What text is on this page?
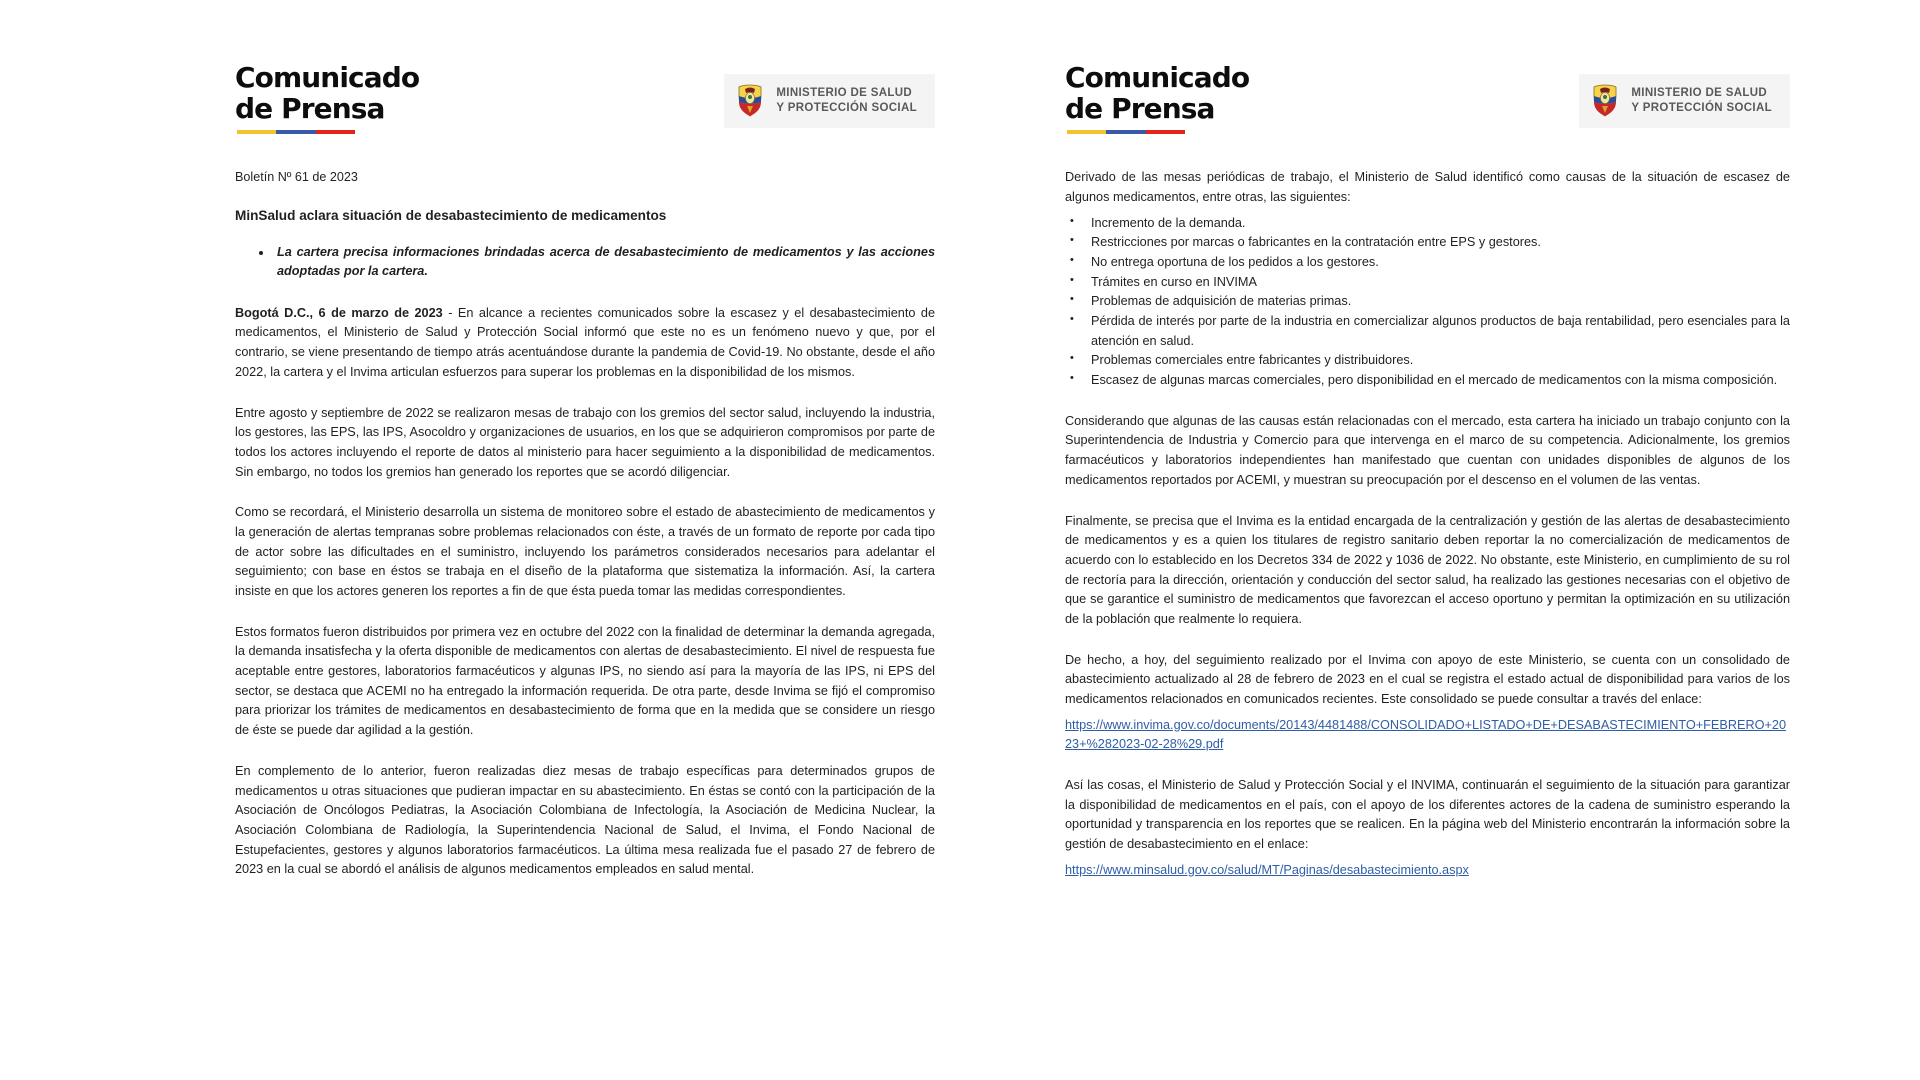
Comunicado
de Prensa	MINISTERIO DE SALUD
Y PROTECCIÓN SOCIAL
Boletín Nº 61 de 2023
MinSalud aclara situación de desabastecimiento de medicamentos
• La cartera precisa informaciones brindadas acerca de desabastecimiento de medicamentos y las acciones adoptadas por la cartera.

Bogotá D.C., 6 de marzo de 2023 - En alcance a recientes comunicados sobre la escasez y el desabastecimiento de medicamentos, el Ministerio de Salud y Protección Social informó que este no es un fenómeno nuevo y que, por el contrario, se viene presentando de tiempo atrás acentuándose durante la pandemia de Covid-19. No obstante, desde el año 2022, la cartera y el Invima articulan esfuerzos para superar los problemas en la disponibilidad de los mismos.

Entre agosto y septiembre de 2022 se realizaron mesas de trabajo con los gremios del sector salud, incluyendo la industria, los gestores, las EPS, las IPS, Asocoldro y organizaciones de usuarios, en los que se adquirieron compromisos por parte de todos los actores incluyendo el reporte de datos al ministerio para hacer seguimiento a la disponibilidad de medicamentos. Sin embargo, no todos los gremios han generado los reportes que se acordó diligenciar.

Como se recordará, el Ministerio desarrolla un sistema de monitoreo sobre el estado de abastecimiento de medicamentos y la generación de alertas tempranas sobre problemas relacionados con éste, a través de un formato de reporte por cada tipo de actor sobre las dificultades en el suministro, incluyendo los parámetros considerados necesarios para adelantar el seguimiento; con base en éstos se trabaja en el diseño de la plataforma que sistematiza la información. Así, la cartera insiste en que los actores generen los reportes a fin de que ésta pueda tomar las medidas correspondientes.

Estos formatos fueron distribuidos por primera vez en octubre del 2022 con la finalidad de determinar la demanda agregada, la demanda insatisfecha y la oferta disponible de medicamentos con alertas de desabastecimiento. El nivel de respuesta fue aceptable entre gestores, laboratorios farmacéuticos y algunas IPS, no siendo así para la mayoría de las IPS, ni EPS del sector, se destaca que ACEMI no ha entregado la información requerida. De otra parte, desde Invima se fijó el compromiso para priorizar los trámites de medicamentos en desabastecimiento de forma que en la medida que se considere un riesgo de éste se puede dar agilidad a la gestión.

En complemento de lo anterior, fueron realizadas diez mesas de trabajo específicas para determinados grupos de medicamentos u otras situaciones que pudieran impactar en su abastecimiento. En éstas se contó con la participación de la Asociación de Oncólogos Pediatras, la Asociación Colombiana de Infectología, la Asociación de Medicina Nuclear, la Asociación Colombiana de Radiología, la Superintendencia Nacional de Salud, el Invima, el Fondo Nacional de Estupefacientes, gestores y algunos laboratorios farmacéuticos. La última mesa realizada fue el pasado 27 de febrero de 2023 en la cual se abordó el análisis de algunos medicamentos empleados en salud mental.

Comunicado
de Prensa	MINISTERIO DE SALUD
Y PROTECCIÓN SOCIAL

Derivado de las mesas periódicas de trabajo, el Ministerio de Salud identificó como causas de la situación de escasez de algunos medicamentos, entre otras, las siguientes:

• Incremento de la demanda.
• Restricciones por marcas o fabricantes en la contratación entre EPS y gestores.
• No entrega oportuna de los pedidos a los gestores.
• Trámites en curso en INVIMA
• Problemas de adquisición de materias primas.
• Pérdida de interés por parte de la industria en comercializar algunos productos de baja rentabilidad, pero esenciales para la atención en salud.
• Problemas comerciales entre fabricantes y distribuidores.
• Escasez de algunas marcas comerciales, pero disponibilidad en el mercado de medicamentos con la misma composición.

Considerando que algunas de las causas están relacionadas con el mercado, esta cartera ha iniciado un trabajo conjunto con la Superintendencia de Industria y Comercio para que intervenga en el marco de su competencia. Adicionalmente, los gremios farmacéuticos y laboratorios independientes han manifestado que cuentan con unidades disponibles de algunos de los medicamentos reportados por ACEMI, y muestran su preocupación por el descenso en el volumen de las ventas.

Finalmente, se precisa que el Invima es la entidad encargada de la centralización y gestión de las alertas de desabastecimiento de medicamentos y es a quien los titulares de registro sanitario deben reportar la no comercialización de medicamentos de acuerdo con lo establecido en los Decretos 334 de 2022 y 1036 de 2022. No obstante, este Ministerio, en cumplimiento de su rol de rectoría para la dirección, orientación y conducción del sector salud, ha realizado las gestiones necesarias con el objetivo de que se garantice el suministro de medicamentos que favorezcan el acceso oportuno y permitan la optimización en su utilización de la población que realmente lo requiera.

De hecho, a hoy, del seguimiento realizado por el Invima con apoyo de este Ministerio, se cuenta con un consolidado de abastecimiento actualizado al 28 de febrero de 2023 en el cual se registra el estado actual de disponibilidad para varios de los medicamentos relacionados en comunicados recientes. Este consolidado se puede consultar a través del enlace:

https://www.invima.gov.co/documents/20143/4481488/CONSOLIDADO+LISTADO+DE+DESABASTECIMIENTO+FEBRERO+2023+%282023-02-28%29.pdf

Así las cosas, el Ministerio de Salud y Protección Social y el INVIMA, continuarán el seguimiento de la situación para garantizar la disponibilidad de medicamentos en el país, con el apoyo de los diferentes actores de la cadena de suministro esperando la oportunidad y transparencia en los reportes que se realicen. En la página web del Ministerio encontrarán la información sobre la gestión de desabastecimiento en el enlace:

https://www.minsalud.gov.co/salud/MT/Paginas/desabastecimiento.aspx
